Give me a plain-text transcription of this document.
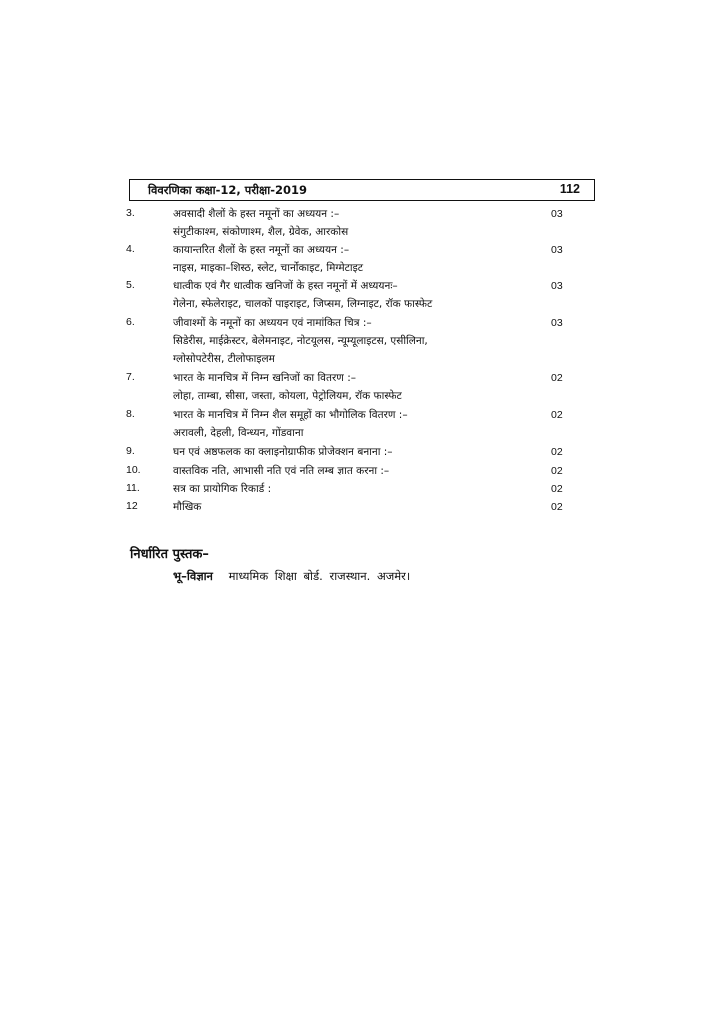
विवरणिका कक्षा-12, परीक्षा-2019	112
3.	अवसादी शैलों के हस्त नमूनों का अध्ययन :–	03
संगुटीकाश्म, संकोणाश्म, शैल, ग्रेवेक, आरकोस
4.	कायान्तरित शैलों के हस्त नमूनों का अध्ययन :–	03
नाइस, माइका–शिस्ठ, स्लेट, चार्नोकाइट, मिग्मेटाइट
5.	धात्वीक एवं गैर धात्वीक खनिजों के हस्त नमूनों में अध्ययनः–	03
गेलेना, स्फेलेराइट, चालकों पाइराइट, जिप्सम, लिग्नाइट, रॉक फास्फेट
6.	जीवाश्मों के नमूनों का अध्ययन एवं नामांकित चित्र :–	03
सिडेरीस, माईक्रेस्टर, बेलेमनाइट, नोटयूलस, न्यूम्यूलाइटस, एसीलिना,
ग्लोसोपटेरीस, टीलोफाइलम
7.	भारत के मानचित्र में निम्न खनिजों का वितरण :–	02
लोहा, ताम्बा, सीसा, जस्ता, कोयला, पेट्रोलियम, रॉक फास्फेट
8.	भारत के मानचित्र में निम्न शैल समूहों का भौगोलिक वितरण :–	02
अरावली, देहली, विन्ध्यन, गोंडवाना
9.	घन एवं अष्ठफलक का क्लाइनोग्राफीक प्रोजेक्शन बनाना :–	02
10.	वास्तविक नति, आभासी नति एवं नति लम्ब ज्ञात करना :–	02
11.	सत्र का प्रायोगिक रिकार्ड :	02
12	मौखिक	02
निर्धारित पुस्तक–
भू–विज्ञान माध्यमिक शिक्षा बोर्ड. राजस्थान. अजमेर।
